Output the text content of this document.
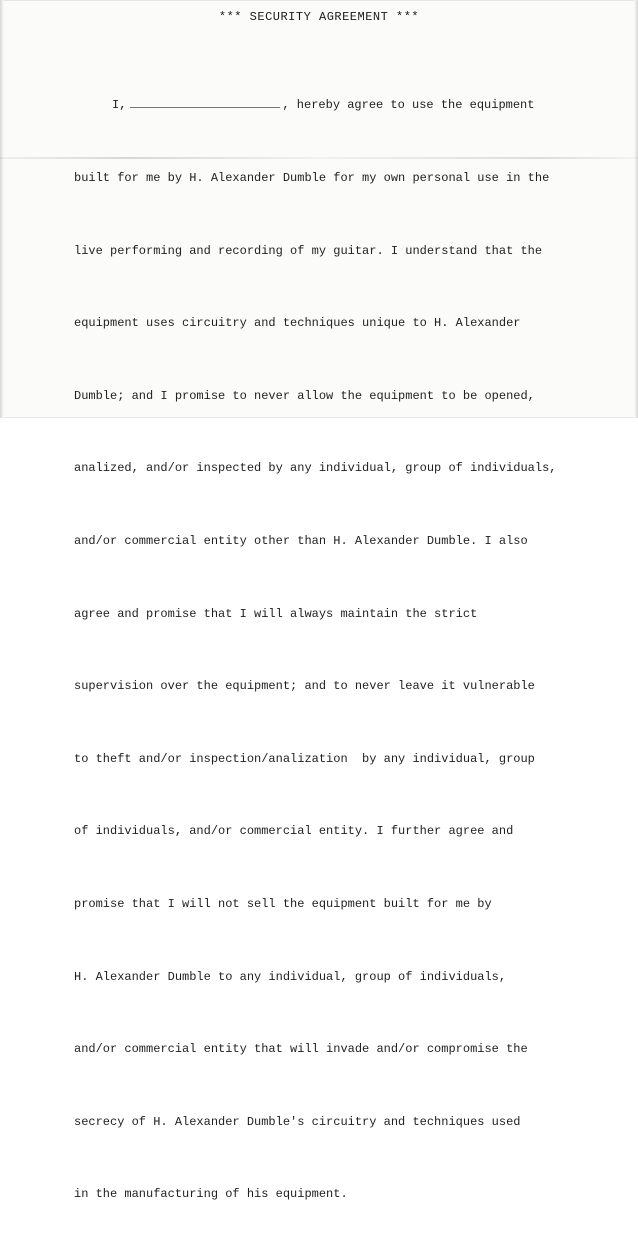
*** SECURITY AGREEMENT ***

I,	, hereby agree to use the equipment

built for me by H. Alexander Dumble for my own personal use in the

live performing and recording of my guitar. I understand that the

equipment uses circuitry and techniques unique to H. Alexander

Dumble; and I promise to never allow the equipment to be opened,

analized, and/or inspected by any individual, group of individuals,

and/or commercial entity other than H. Alexander Dumble. I also

agree and promise that I will always maintain the strict

supervision over the equipment; and to never leave it vulnerable

to theft and/or inspection/analization  by any individual, group

of individuals, and/or commercial entity. I further agree and

promise that I will not sell the equipment built for me by

H. Alexander Dumble to any individual, group of individuals,

and/or commercial entity that will invade and/or compromise the

secrecy of H. Alexander Dumble's circuitry and techniques used

in the manufacturing of his equipment.
